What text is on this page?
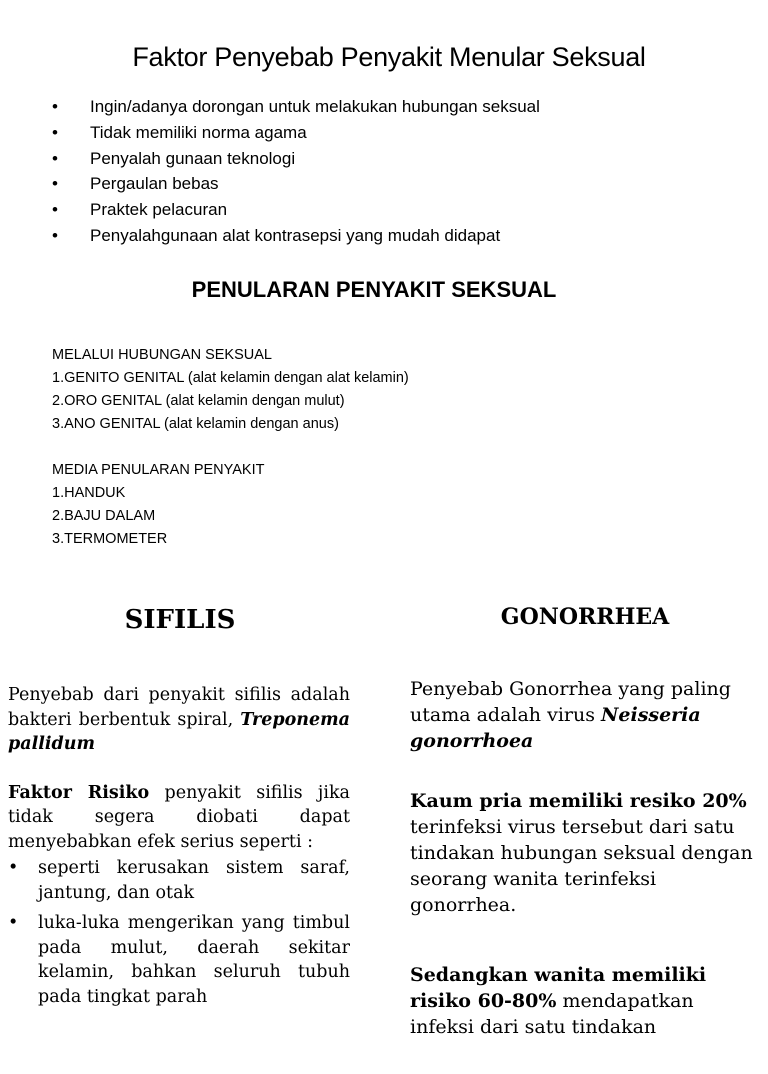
Faktor Penyebab Penyakit Menular Seksual
• Ingin/adanya dorongan untuk melakukan hubungan seksual
• Tidak memiliki norma agama
• Penyalah gunaan teknologi
• Pergaulan bebas
• Praktek pelacuran
• Penyalahgunaan alat kontrasepsi yang mudah didapat
PENULARAN PENYAKIT SEKSUAL
MELALUI HUBUNGAN SEKSUAL
1.GENITO GENITAL (alat kelamin dengan alat kelamin)
2.ORO GENITAL (alat kelamin dengan mulut)
3.ANO GENITAL (alat kelamin dengan anus)
MEDIA PENULARAN PENYAKIT
1.HANDUK
2.BAJU DALAM
3.TERMOMETER
SIFILIS	GONORRHEA

Penyebab dari penyakit sifilis adalah bakteri berbentuk spiral, Treponema pallidum

Faktor Risiko penyakit sifilis jika tidak segera diobati dapat menyebabkan efek serius seperti :

• seperti kerusakan sistem saraf, jantung, dan otak
• luka-luka mengerikan yang timbul pada mulut, daerah sekitar kelamin, bahkan seluruh tubuh pada tingkat parah

Penyebab Gonorrhea yang paling utama adalah virus Neisseria gonorrhoea

Kaum pria memiliki resiko 20% terinfeksi virus tersebut dari satu tindakan hubungan seksual dengan seorang wanita terinfeksi gonorrhea.

Sedangkan wanita memiliki risiko 60-80% mendapatkan infeksi dari satu tindakan
